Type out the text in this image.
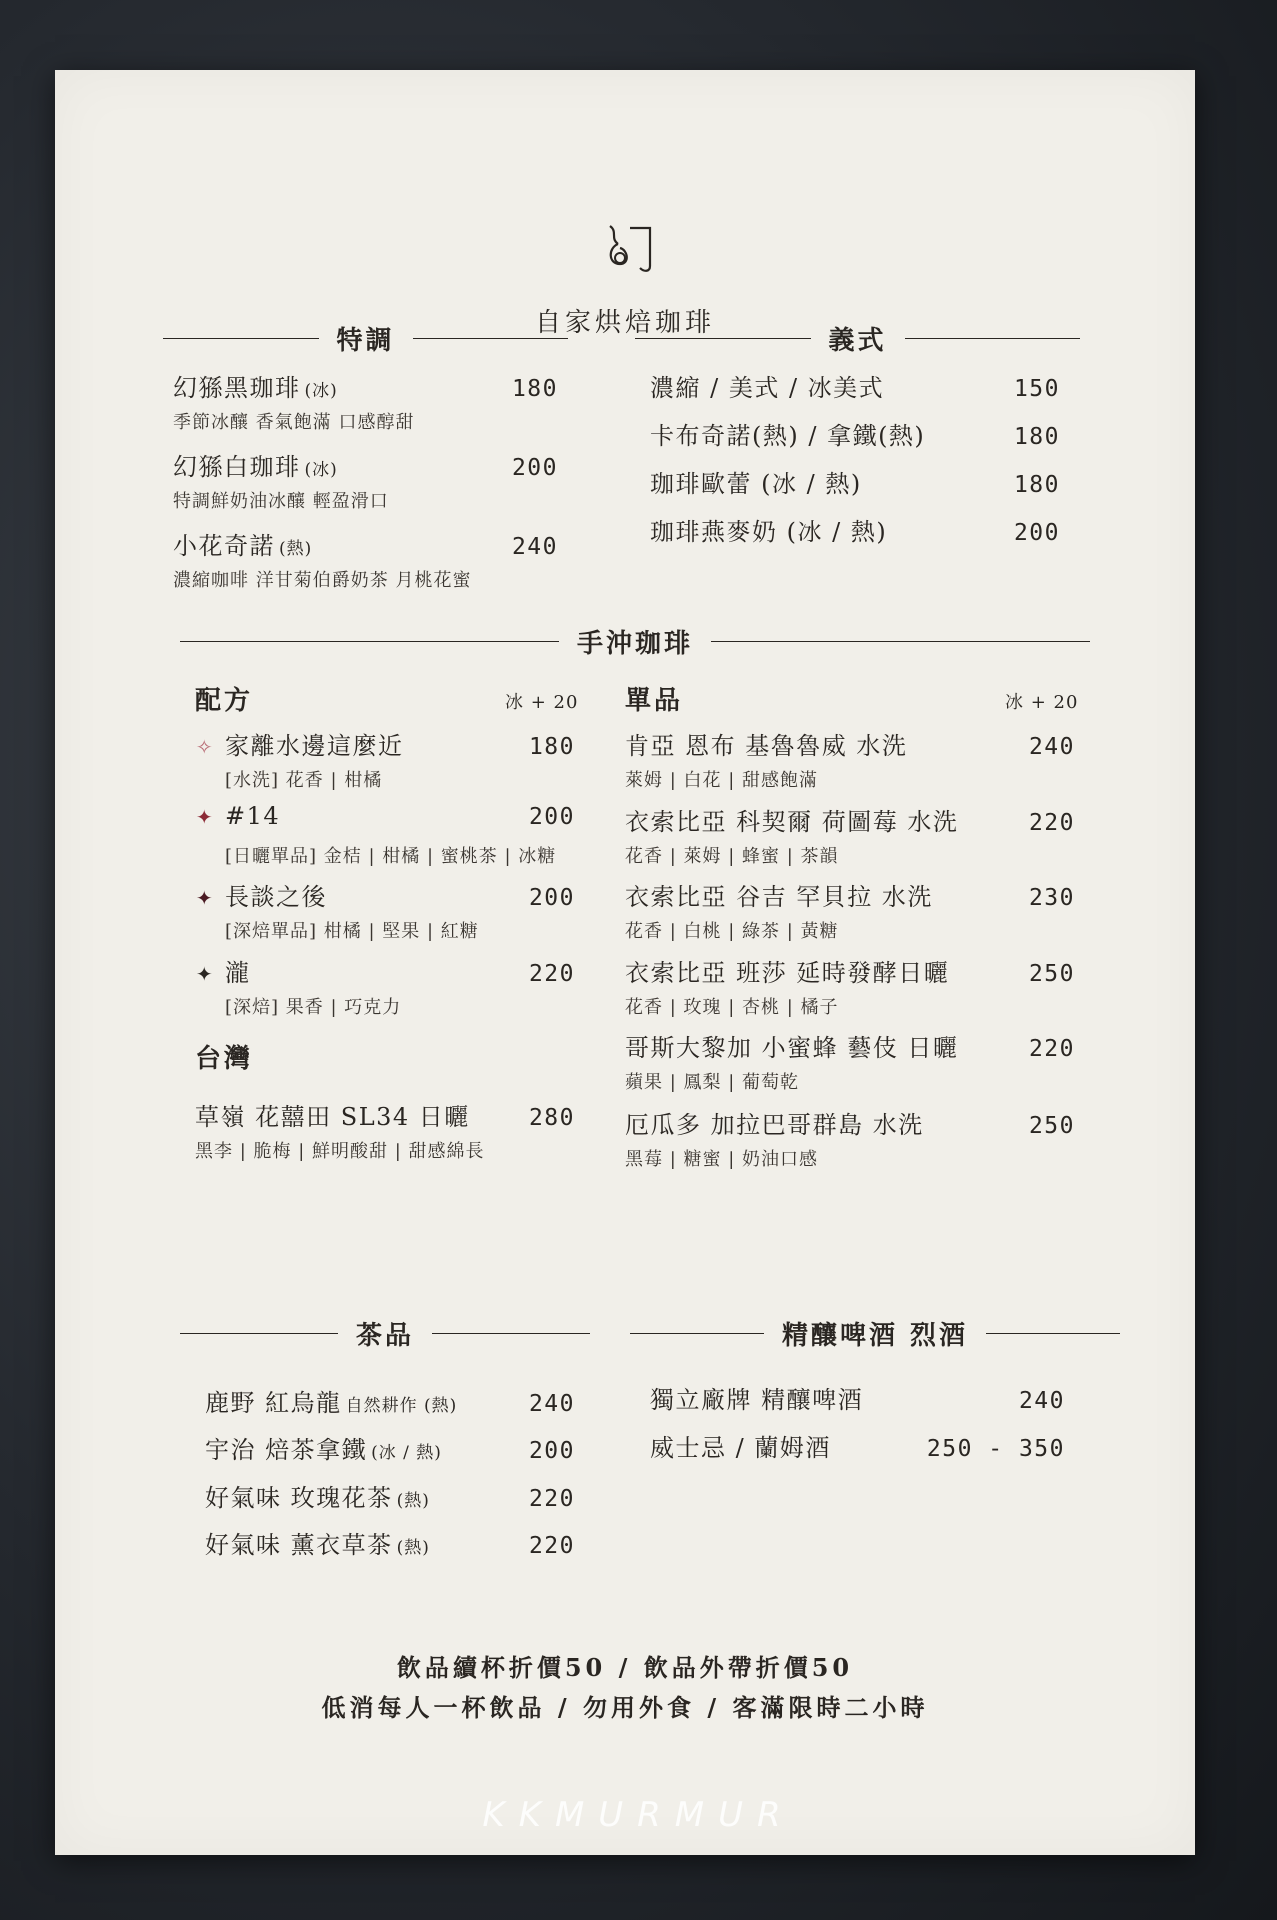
自家烘焙珈琲
特調
幻猻黑珈琲 (冰)	180
季節冰釀 香氣飽滿 口感醇甜
幻猻白珈琲 (冰)	200
特調鮮奶油冰釀 輕盈滑口
小花奇諾 (熱)	240
濃縮咖啡 洋甘菊伯爵奶茶 月桃花蜜
義式
濃縮 / 美式 / 冰美式	150
卡布奇諾(熱) / 拿鐵(熱)	180
珈琲歐蕾 (冰 / 熱)	180
珈琲燕麥奶 (冰 / 熱)	200
手沖珈琲
配方	冰 + 20
✧ 家離水邊這麼近	180
[水洗] 花香 | 柑橘
✦ #14	200
[日曬單品] 金桔 | 柑橘 | 蜜桃茶 | 冰糖
✦ 長談之後	200
[深焙單品] 柑橘 | 堅果 | 紅糖
✦ 瀧	220
[深焙] 果香 | 巧克力
台灣
草嶺 花囍田 SL34 日曬	280
黑李 | 脆梅 | 鮮明酸甜 | 甜感綿長
單品	冰 + 20
肯亞 恩布 基魯魯威 水洗	240
萊姆 | 白花 | 甜感飽滿
衣索比亞 科契爾 荷圖莓 水洗	220
花香 | 萊姆 | 蜂蜜 | 茶韻
衣索比亞 谷吉 罕貝拉 水洗	230
花香 | 白桃 | 綠茶 | 黃糖
衣索比亞 班莎 延時發酵日曬	250
花香 | 玫瑰 | 杏桃 | 橘子
哥斯大黎加 小蜜蜂 藝伎 日曬	220
蘋果 | 鳳梨 | 葡萄乾
厄瓜多 加拉巴哥群島 水洗	250
黑莓 | 糖蜜 | 奶油口感
茶品
鹿野 紅烏龍 自然耕作 (熱)	240
宇治 焙茶拿鐵 (冰 / 熱)	200
好氣味 玫瑰花茶 (熱)	220
好氣味 薰衣草茶 (熱)	220
精釀啤酒 烈酒
獨立廠牌 精釀啤酒	240
威士忌 / 蘭姆酒	250 - 350
飲品續杯折價50 / 飲品外帶折價50
低消每人一杯飲品 / 勿用外食 / 客滿限時二小時
KKMURMUR
